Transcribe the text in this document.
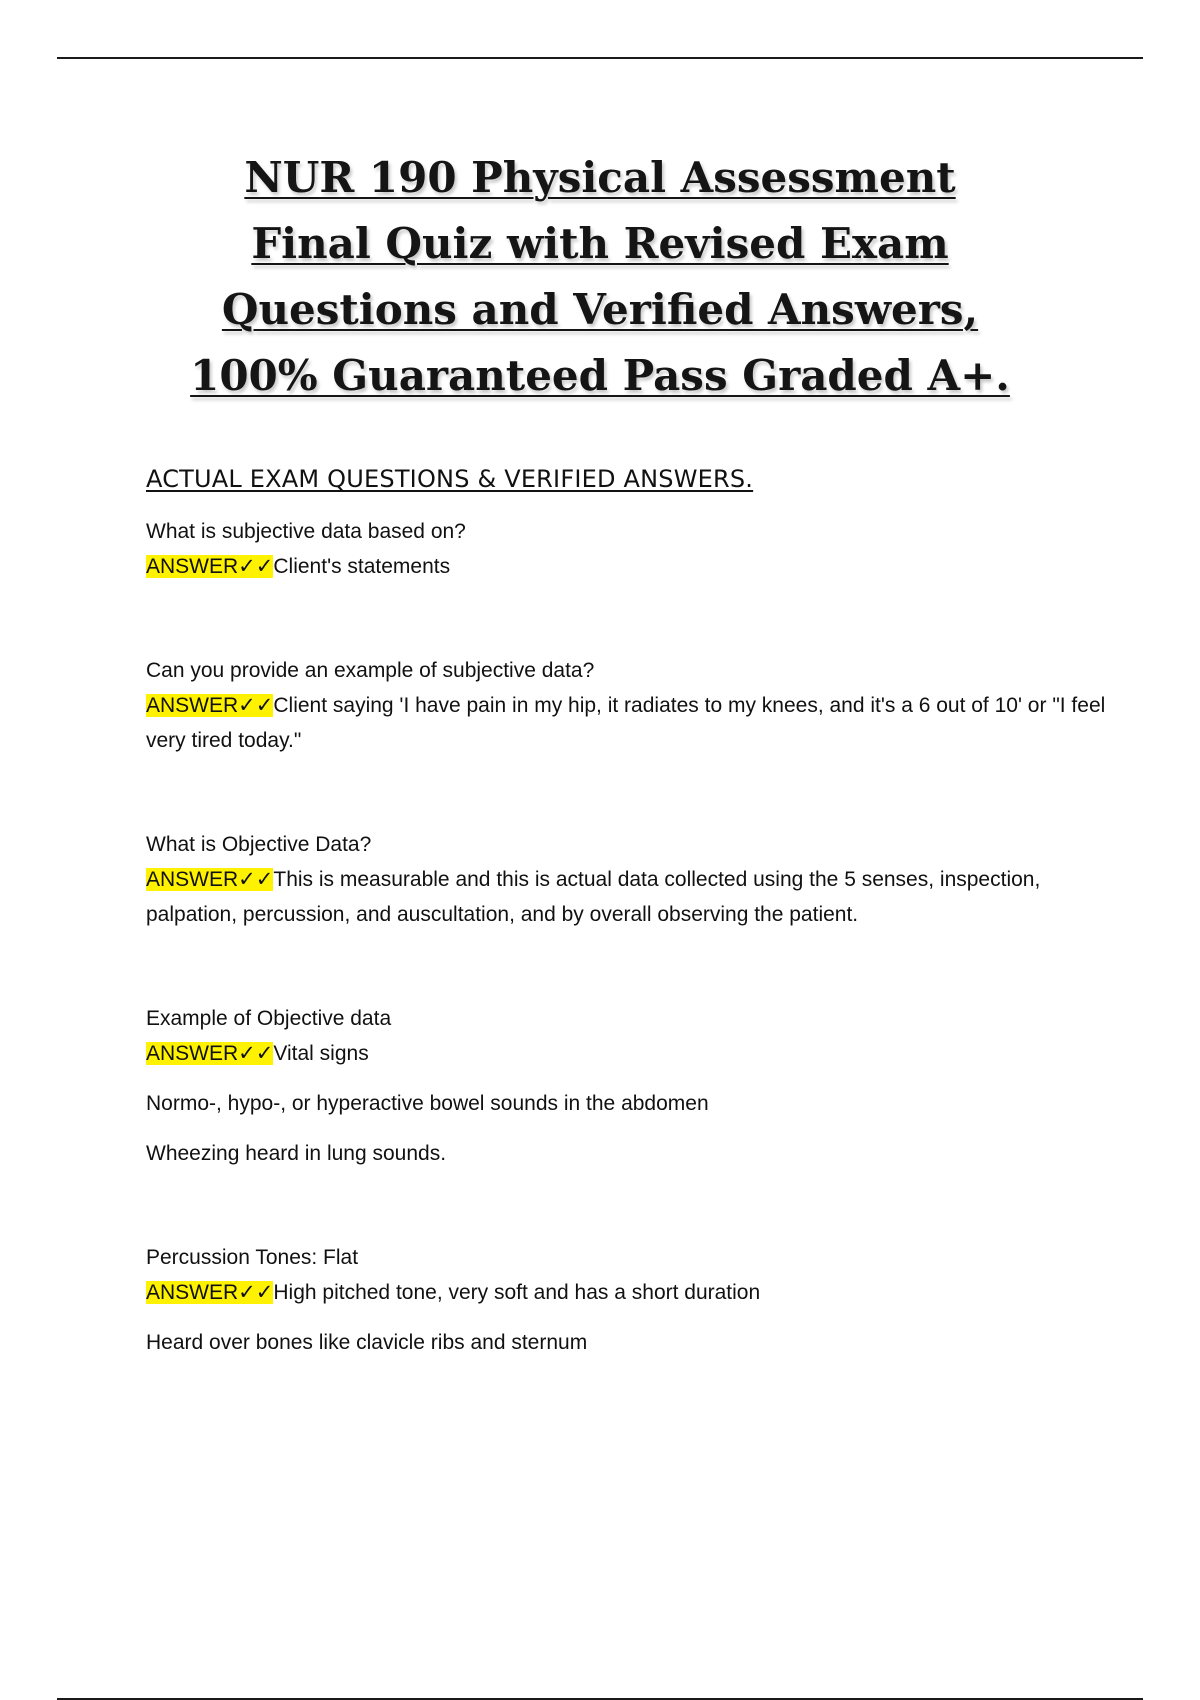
NUR 190 Physical Assessment
Final Quiz with Revised Exam
Questions and Verified Answers,
100% Guaranteed Pass Graded A+.
ACTUAL EXAM QUESTIONS & VERIFIED ANSWERS.

What is subjective data based on?

ANSWER✓✓Client's statements

Can you provide an example of subjective data?

ANSWER✓✓Client saying 'I have pain in my hip, it radiates to my knees, and it's a 6 out of 10' or "I feel very tired today."

What is Objective Data?

ANSWER✓✓This is measurable and this is actual data collected using the 5 senses, inspection, palpation, percussion, and auscultation, and by overall observing the patient.

Example of Objective data

ANSWER✓✓Vital signs

Normo-, hypo-, or hyperactive bowel sounds in the abdomen

Wheezing heard in lung sounds.

Percussion Tones: Flat

ANSWER✓✓High pitched tone, very soft and has a short duration

Heard over bones like clavicle ribs and sternum
